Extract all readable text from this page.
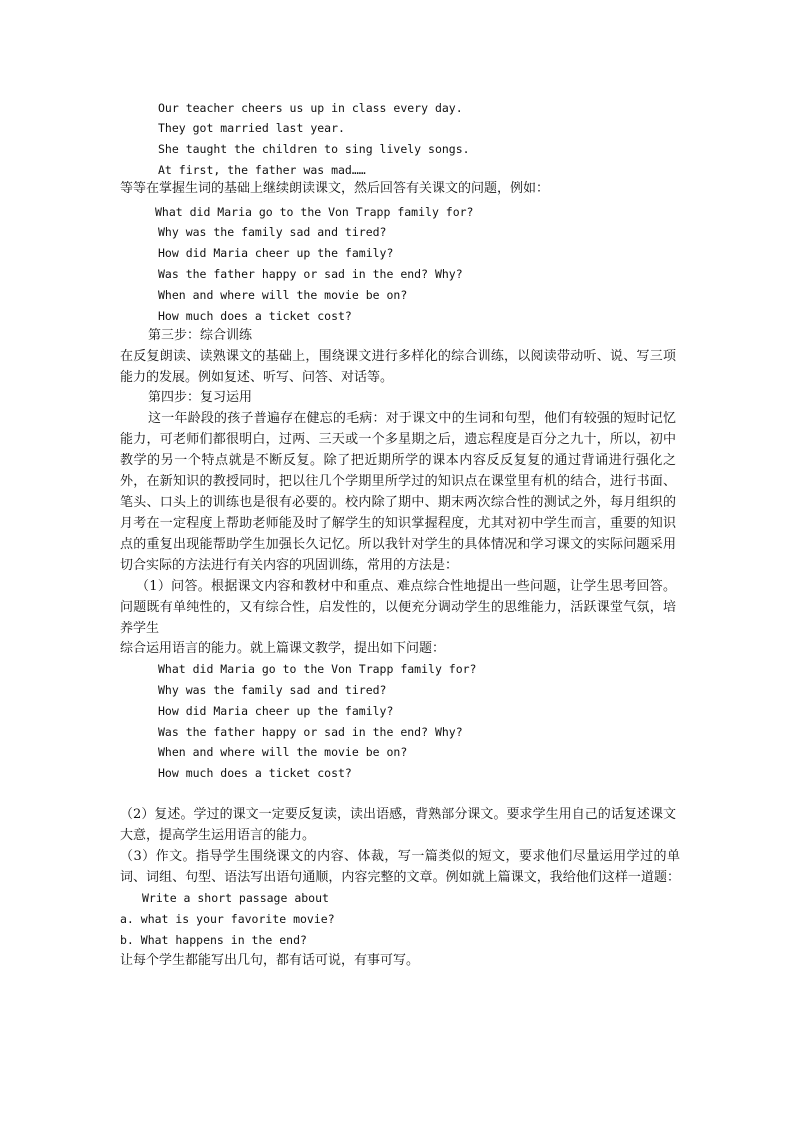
Our teacher cheers us up in class every day.
They got married last year.
She taught the children to sing lively songs.
At first, the father was mad……
等等在掌握生词的基础上继续朗读课文，然后回答有关课文的问题，例如：
What did Maria go to the Von Trapp family for?
Why was the family sad and tired?
How did Maria cheer up the family?
Was the father happy or sad in the end? Why?
When and where will the movie be on?
How much does a ticket cost?
第三步：综合训练
在反复朗读、读熟课文的基础上，围绕课文进行多样化的综合训练，以阅读带动听、说、写三项能力的发展。例如复述、听写、问答、对话等。
第四步：复习运用
这一年龄段的孩子普遍存在健忘的毛病：对于课文中的生词和句型，他们有较强的短时记忆能力，可老师们都很明白，过两、三天或一个多星期之后，遗忘程度是百分之九十，所以，初中教学的另一个特点就是不断反复。除了把近期所学的课本内容反反复复的通过背诵进行强化之外，在新知识的教授同时，把以往几个学期里所学过的知识点在课堂里有机的结合，进行书面、笔头、口头上的训练也是很有必要的。校内除了期中、期末两次综合性的测试之外，每月组织的月考在一定程度上帮助老师能及时了解学生的知识掌握程度，尤其对初中学生而言，重要的知识点的重复出现能帮助学生加强长久记忆。所以我针对学生的具体情况和学习课文的实际问题采用切合实际的方法进行有关内容的巩固训练，常用的方法是：
（1）问答。根据课文内容和教材中和重点、难点综合性地提出一些问题，让学生思考回答。问题既有单纯性的，又有综合性，启发性的，以便充分调动学生的思维能力，活跃课堂气氛，培养学生
综合运用语言的能力。就上篇课文教学，提出如下问题：
What did Maria go to the Von Trapp family for?
Why was the family sad and tired?
How did Maria cheer up the family?
Was the father happy or sad in the end? Why?
When and where will the movie be on?
How much does a ticket cost?
（2）复述。学过的课文一定要反复读，读出语感，背熟部分课文。要求学生用自己的话复述课文大意，提高学生运用语言的能力。
（3）作文。指导学生围绕课文的内容、体裁，写一篇类似的短文，要求他们尽量运用学过的单词、词组、句型、语法写出语句通顺，内容完整的文章。例如就上篇课文，我给他们这样一道题：Write a short passage about
a. what is your favorite movie?
b. What happens in the end?
让每个学生都能写出几句，都有话可说，有事可写。
